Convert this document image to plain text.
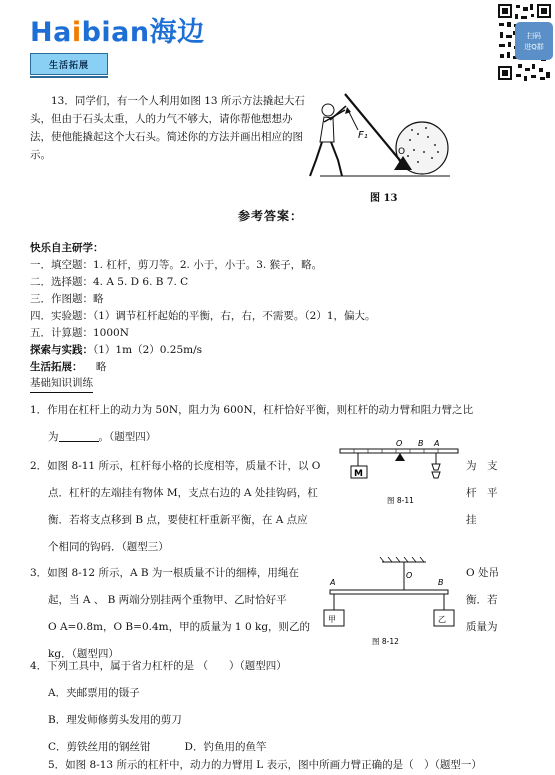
Haibian海边	扫码
进Q群
生活拓展
13．同学们，有一个人利用如图 13 所示方法撬起大石头，但由于石头太重，人的力气不够大，请你帮他想想办法，使他能撬起这个大石头。简述你的方法并画出相应的图示。
F₁
O
图 13
参考答案：
快乐自主研学：
一．填空题：1. 杠杆，剪刀等。2. 小于，小于。3. 猴子，略。
二．选择题：4. A 5. D 6. B 7. C
三．作图题：略
四．实验题：（1）调节杠杆起始的平衡，右，右，不需要。（2）1，偏大。
五．计算题：1000N
探索与实践：（1）1m（2）0.25m/s
生活拓展： 略
基础知识训练
1．作用在杠杆上的动力为 50N，阻力为 600N，杠杆恰好平衡，则杠杆的动力臂和阻力臂之比
为	。（题型四）
2．如图 8-11 所示，杠杆每小格的长度相等，质量不计，以 O
点．杠杆的左端挂有物体 M，支点右边的 A 处挂钩码，杠
衡．若将支点移到 B 点，要使杠杆重新平衡，在 A 点应
个相同的钩码．（题型三）
为　支
杆　平
挂
O B A
M
图 8-11
3．如图 8-12 所示，A B 为一根质量不计的细棒，用绳在
起，当 A 、 B 两端分别挂两个重物甲、乙时恰好平
O A=0.8m，O B=0.4m，甲的质量为 1 0 kg，则乙的
kg．（题型四）
O 处吊
衡．若
质量为
A
O
B
甲	乙
图 8-12
4．下列工具中，属于省力杠杆的是 （　　）（题型四）
A．夹邮票用的镊子
B．理发师修剪头发用的剪刀
C．剪铁丝用的钢丝钳	D．钓鱼用的鱼竿
5．如图 8-13 所示的杠杆中，动力的力臂用 L 表示，图中所画力臂正确的是（　）（题型一）
